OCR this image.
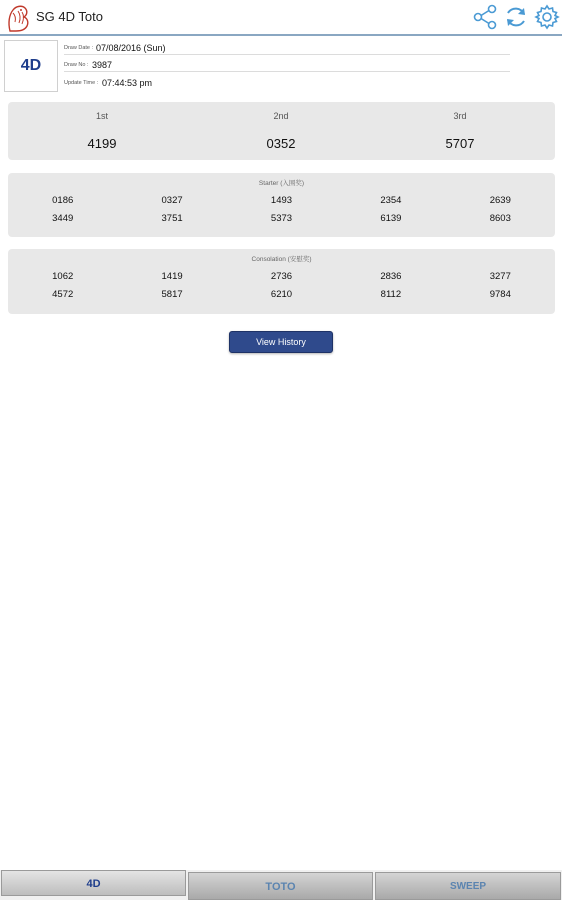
SG 4D Toto
4D
Draw Date : 07/08/2016 (Sun)
Draw No : 3987
Update Time : 07:44:53 pm
1st
4199
2nd
0352
3rd
5707
Starter (入围奖)
0186	0327	1493	2354	2639
3449	3751	5373	6139	8603
Consolation (安慰奖)
1062	1419	2736	2836	3277
4572	5817	6210	8112	9784
View History
4D	TOTO	SWEEP
